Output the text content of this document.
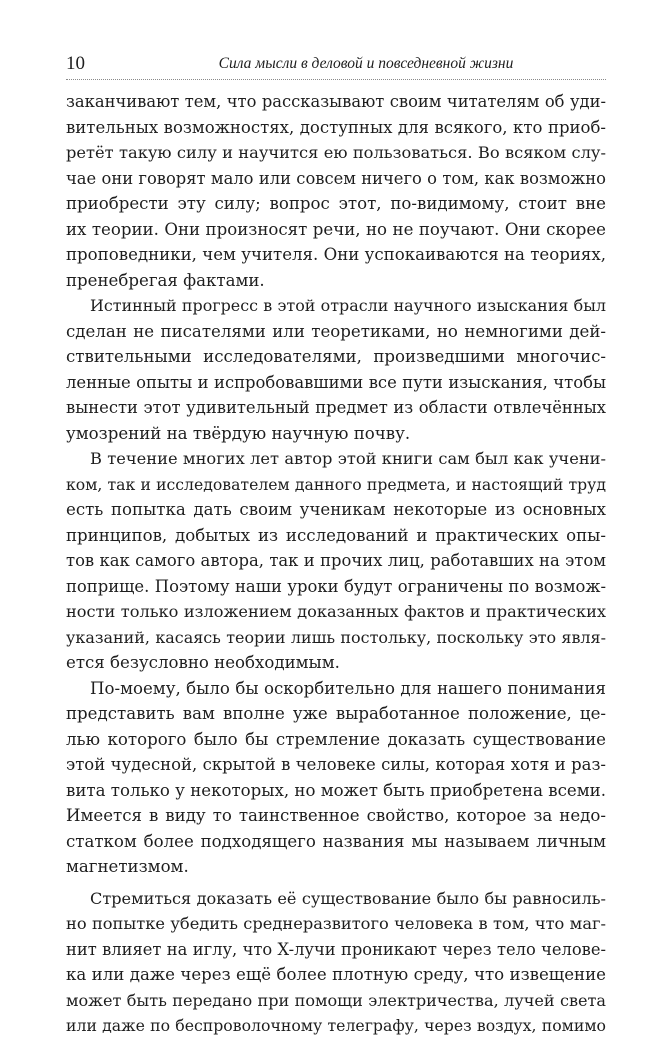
10	Сила мысли в деловой и повседневной жизни
заканчивают тем, что рассказывают своим читателям об уди-
вительных возможностях, доступных для всякого, кто приоб-
ретёт такую силу и научится ею пользоваться. Во всяком слу-
чае они говорят мало или совсем ничего о том, как возможно
приобрести эту силу; вопрос этот, по-видимому, стоит вне
их теории. Они произносят речи, но не поучают. Они скорее
проповедники, чем учителя. Они успокаиваются на теориях,
пренебрегая фактами.
Истинный прогресс в этой отрасли научного изыскания был
сделан не писателями или теоретиками, но немногими дей-
ствительными исследователями, произведшими многочис-
ленные опыты и испробовавшими все пути изыскания, чтобы
вынести этот удивительный предмет из области отвлечённых
умозрений на твёрдую научную почву.
В течение многих лет автор этой книги сам был как учени-
ком, так и исследователем данного предмета, и настоящий труд
есть попытка дать своим ученикам некоторые из основных
принципов, добытых из исследований и практических опы-
тов как самого автора, так и прочих лиц, работавших на этом
поприще. Поэтому наши уроки будут ограничены по возмож-
ности только изложением доказанных фактов и практических
указаний, касаясь теории лишь постольку, поскольку это явля-
ется безусловно необходимым.
По-моему, было бы оскорбительно для нашего понимания
представить вам вполне уже выработанное положение, це-
лью которого было бы стремление доказать существование
этой чудесной, скрытой в человеке силы, которая хотя и раз-
вита только у некоторых, но может быть приобретена всеми.
Имеется в виду то таинственное свойство, которое за недо-
статком более подходящего названия мы называем личным
магнетизмом.
Стремиться доказать её существование было бы равносиль-
но попытке убедить среднеразвитого человека в том, что маг-
нит влияет на иглу, что X-лучи проникают через тело челове-
ка или даже через ещё более плотную среду, что извещение
может быть передано при помощи электричества, лучей света
или даже по беспроволочному телеграфу, через воздух, помимо
